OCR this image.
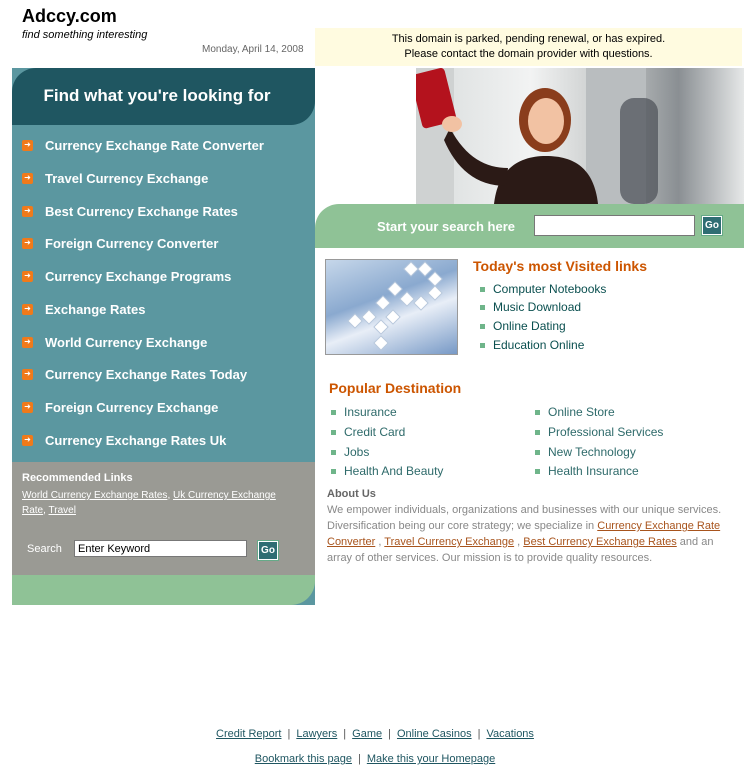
Adccy.com
find something interesting
Monday, April 14, 2008
This domain is parked, pending renewal, or has expired.
Please contact the domain provider with questions.
Find what you're looking for
➜ Currency Exchange Rate Converter
➜ Travel Currency Exchange
➜ Best Currency Exchange Rates
➜ Foreign Currency Converter
➜ Currency Exchange Programs
➜ Exchange Rates
➜ World Currency Exchange
➜ Currency Exchange Rates Today
➜ Foreign Currency Exchange
➜ Currency Exchange Rates Uk
Recommended Links
World Currency Exchange Rates, Uk Currency Exchange Rate, Travel
Search
Enter Keyword	Go
Start your search here	Go
Today's most Visited links
Computer Notebooks
Music Download
Online Dating
Education Online
Popular Destination
Insurance
Credit Card
Jobs
Health And Beauty
Online Store
Professional Services
New Technology
Health Insurance
About Us
We empower individuals, organizations and businesses with our unique services. Diversification being our core strategy; we specialize in Currency Exchange Rate Converter , Travel Currency Exchange , Best Currency Exchange Rates and an array of other services. Our mission is to provide quality resources.
Credit Report | Lawyers | Game | Online Casinos | Vacations
Bookmark this page | Make this your Homepage
